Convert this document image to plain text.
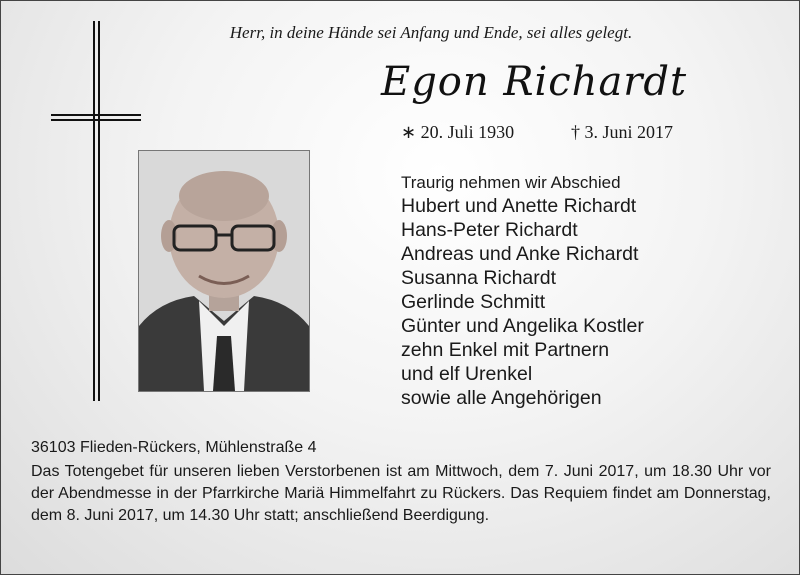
Herr, in deine Hände sei Anfang und Ende, sei alles gelegt.
Egon Richardt
∗ 20. Juli 1930	† 3. Juni 2017
Traurig nehmen wir Abschied
Hubert und Anette Richardt
Hans-Peter Richardt
Andreas und Anke Richardt
Susanna Richardt
Gerlinde Schmitt
Günter und Angelika Kostler
zehn Enkel mit Partnern
und elf Urenkel
sowie alle Angehörigen
36103 Flieden-Rückers, Mühlenstraße 4
Das Totengebet für unseren lieben Verstorbenen ist am Mittwoch, dem 7. Juni 2017, um 18.30 Uhr vor der Abendmesse in der Pfarrkirche Mariä Himmelfahrt zu Rückers. Das Requiem findet am Donnerstag, dem 8. Juni 2017, um 14.30 Uhr statt; anschließend Beerdigung.
